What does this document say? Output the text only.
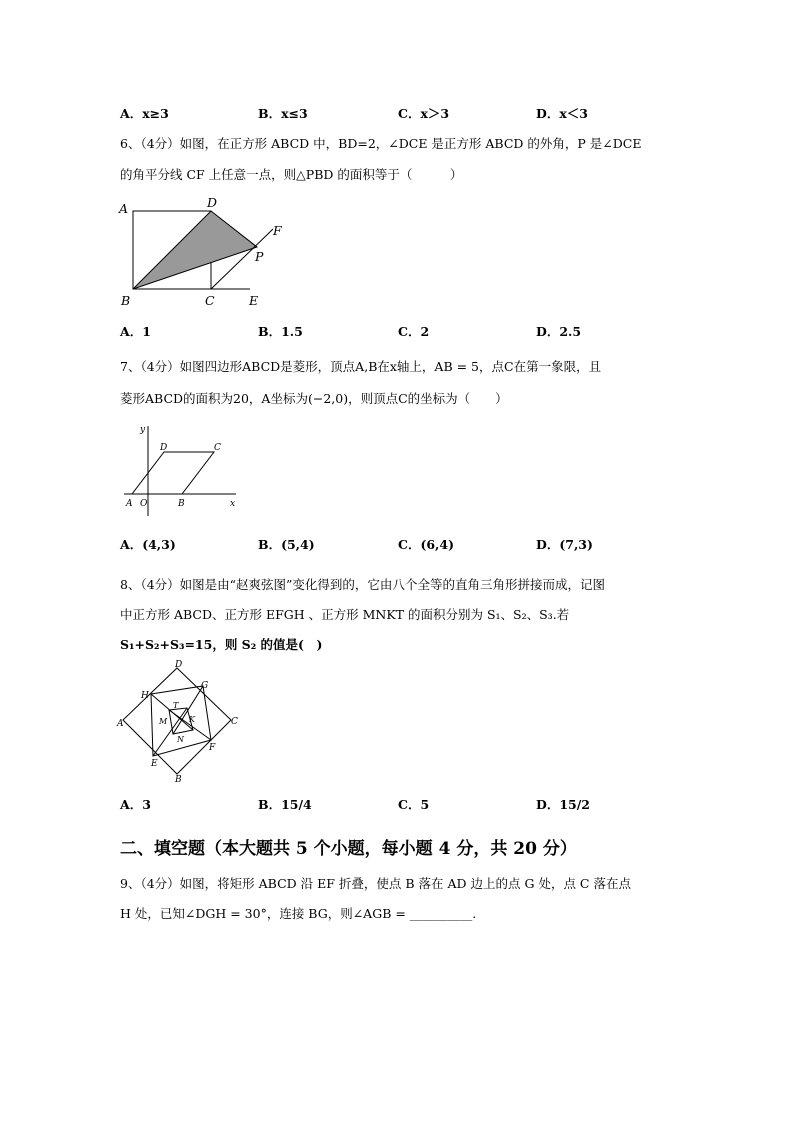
A．x≥3	B．x≤3	C．x＞3	D．x＜3
6、（4分）如图，在正方形 ABCD 中，BD=2，∠DCE 是正方形 ABCD 的外角，P 是∠DCE
的角平分线 CF 上任意一点，则△PBD 的面积等于（　　　）
A	D
F
P
B	C	E
A．1	B．1.5	C．2	D．2.5
7、（4分）如图四边形ABCD是菱形，顶点A,B在x轴上，AB = 5，点C在第一象限，且
菱形ABCD的面积为20，A坐标为(−2,0)，则顶点C的坐标为（　　）
y
D	C
A O	B	x
A．(4,3)	B．(5,4)	C．(6,4)	D．(7,3)
8、（4分）如图是由“赵爽弦图”变化得到的，它由八个全等的直角三角形拼接而成，记图
中正方形 ABCD、正方形 EFGH 、正方形 MNKT 的面积分别为 S₁、S₂、S₃.若
S₁+S₂+S₃=15，则 S₂ 的值是(　)
D
H
G
A
T
M	K	C
N
E
F
B
A．3	B．15/4	C．5	D．15/2
二、填空题（本大题共 5 个小题，每小题 4 分，共 20 分）
9、（4分）如图，将矩形 ABCD 沿 EF 折叠，使点 B 落在 AD 边上的点 G 处，点 C 落在点
H 处，已知∠DGH = 30°，连接 BG，则∠AGB = __________.
